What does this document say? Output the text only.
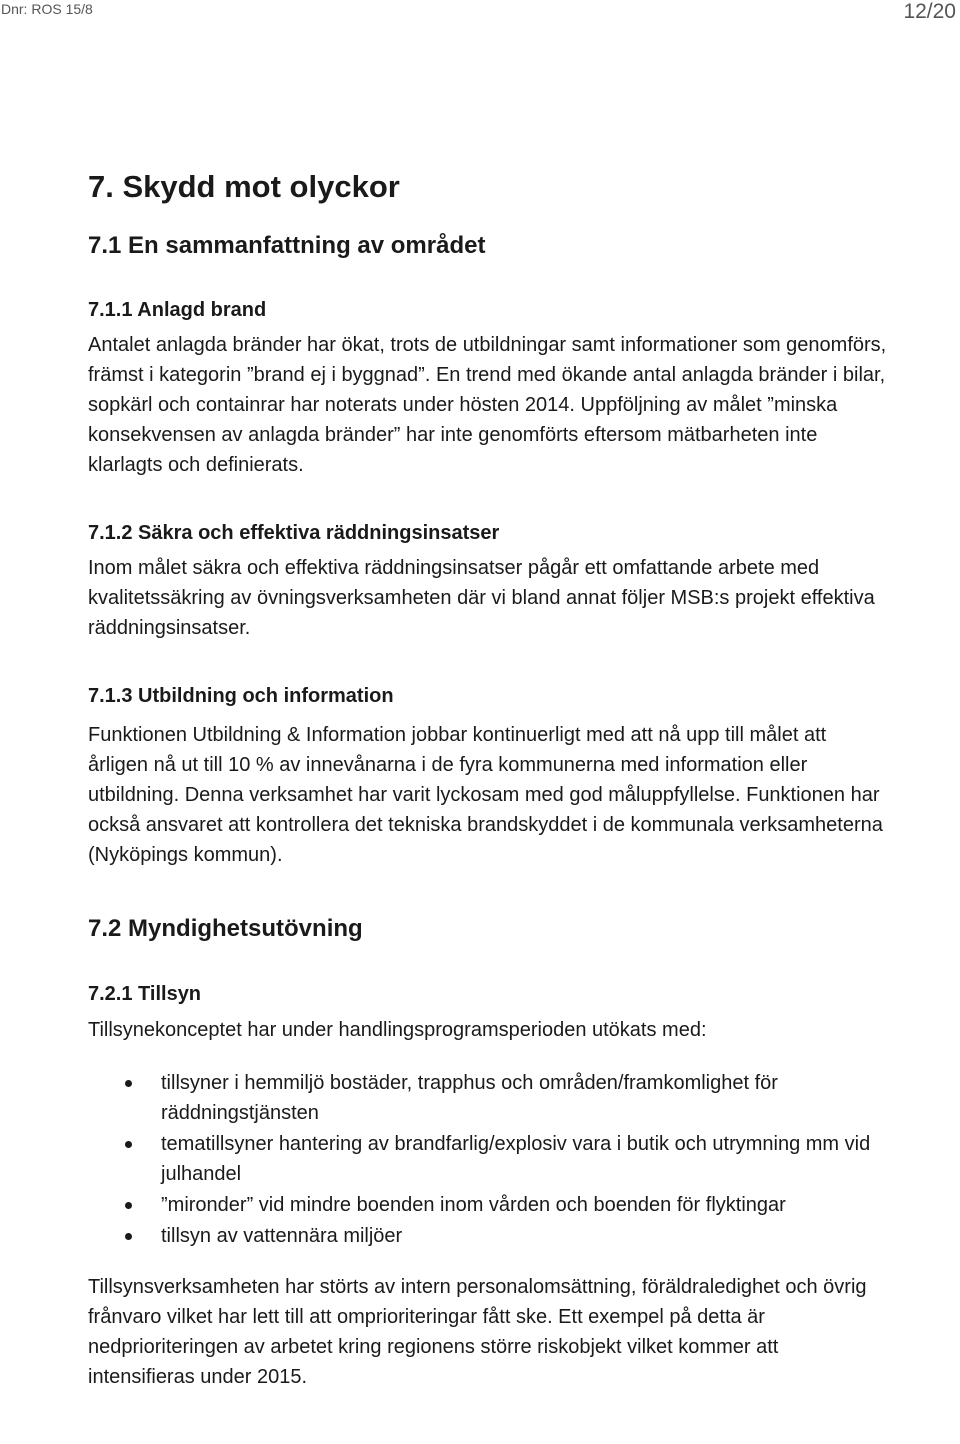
Dnr: ROS 15/8	12/20
7. Skydd mot olyckor
7.1 En sammanfattning av området
7.1.1 Anlagd brand

Antalet anlagda bränder har ökat, trots de utbildningar samt informationer som genomförs, främst i kategorin ”brand ej i byggnad”. En trend med ökande antal anlagda bränder i bilar, sopkärl och containrar har noterats under hösten 2014. Uppföljning av målet ”minska konsekvensen av anlagda bränder” har inte genomförts eftersom mätbarheten inte klarlagts och definierats.

7.1.2 Säkra och effektiva räddningsinsatser

Inom målet säkra och effektiva räddningsinsatser pågår ett omfattande arbete med kvalitetssäkring av övningsverksamheten där vi bland annat följer MSB:s projekt effektiva räddningsinsatser.

7.1.3 Utbildning och information

Funktionen Utbildning & Information jobbar kontinuerligt med att nå upp till målet att årligen nå ut till 10 % av innevånarna i de fyra kommunerna med information eller utbildning. Denna verksamhet har varit lyckosam med god måluppfyllelse. Funktionen har också ansvaret att kontrollera det tekniska brandskyddet i de kommunala verksamheterna (Nyköpings kommun).

7.2 Myndighetsutövning
7.2.1 Tillsyn

Tillsynekonceptet har under handlingsprogramsperioden utökats med:

tillsyner i hemmiljö bostäder, trapphus och områden/framkomlighet för räddningstjänsten
tematillsyner hantering av brandfarlig/explosiv vara i butik och utrymning mm vid julhandel
”mironder” vid mindre boenden inom vården och boenden för flyktingar
tillsyn av vattennära miljöer

Tillsynsverksamheten har störts av intern personalomsättning, föräldraledighet och övrig frånvaro vilket har lett till att omprioriteringar fått ske. Ett exempel på detta är nedprioriteringen av arbetet kring regionens större riskobjekt vilket kommer att intensifieras under 2015.
